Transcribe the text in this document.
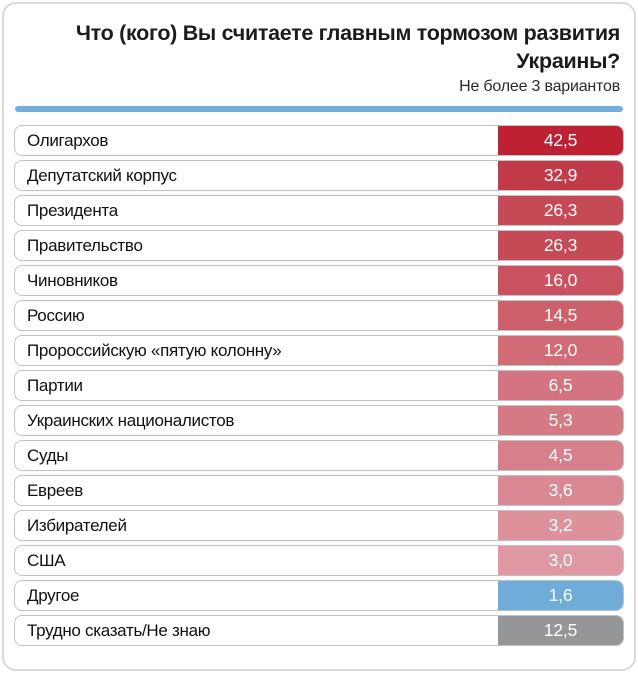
Что (кого) Вы считаете главным тормозом развития
Украины?
Не более 3 вариантов
Олигархов	42,5
Депутатский корпус	32,9
Президента	26,3
Правительство	26,3
Чиновников	16,0
Россию	14,5
Пророссийскую «пятую колонну»	12,0
Партии	6,5
Украинских националистов	5,3
Суды	4,5
Евреев	3,6
Избирателей	3,2
США	3,0
Другое	1,6
Трудно сказать/Не знаю	12,5
